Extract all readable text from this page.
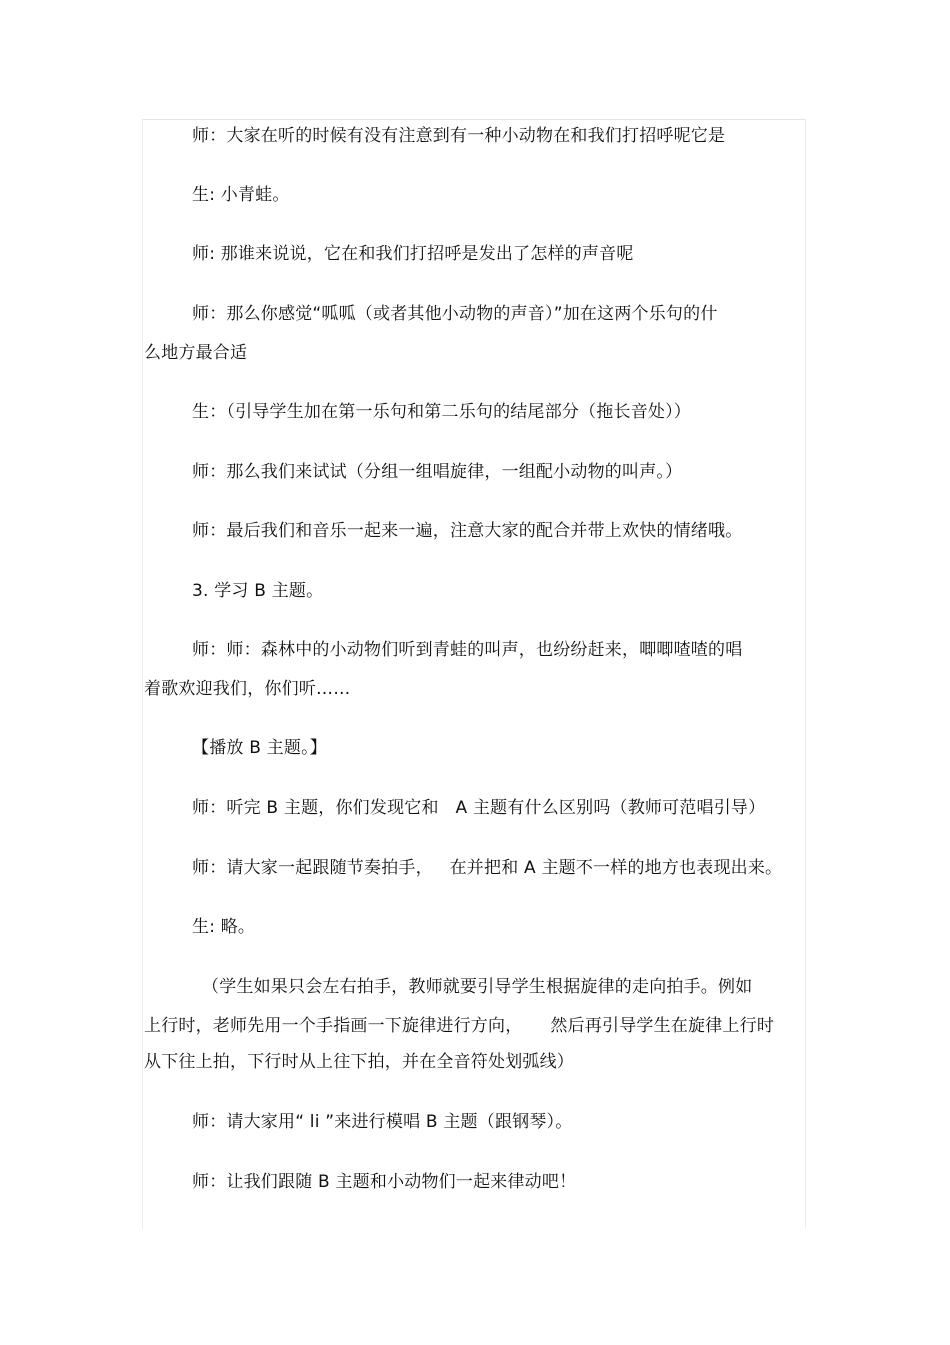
师：大家在听的时候有没有注意到有一种小动物在和我们打招呼呢它是
生: 小青蛙。
师: 那谁来说说，它在和我们打招呼是发出了怎样的声音呢
师：那么你感觉“呱呱（或者其他小动物的声音）”加在这两个乐句的什
么地方最合适
生：（引导学生加在第一乐句和第二乐句的结尾部分（拖长音处））
师：那么我们来试试（分组一组唱旋律，一组配小动物的叫声。）
师：最后我们和音乐一起来一遍，注意大家的配合并带上欢快的情绪哦。
3. 学习 B 主题。
师：师：森林中的小动物们听到青蛙的叫声，也纷纷赶来，唧唧喳喳的唱
着歌欢迎我们，你们听……
【播放 B 主题。】
师：听完 B 主题，你们发现它和   A 主题有什么区别吗（教师可范唱引导）
师：请大家一起跟随节奏拍手，   在并把和 A 主题不一样的地方也表现出来。
生: 略。
（学生如果只会左右拍手，教师就要引导学生根据旋律的走向拍手。例如
上行时，老师先用一个手指画一下旋律进行方向，     然后再引导学生在旋律上行时
从下往上拍，下行时从上往下拍，并在全音符处划弧线）
师：请大家用“ li ”来进行模唱 B 主题（跟钢琴）。
师：让我们跟随 B 主题和小动物们一起来律动吧！
